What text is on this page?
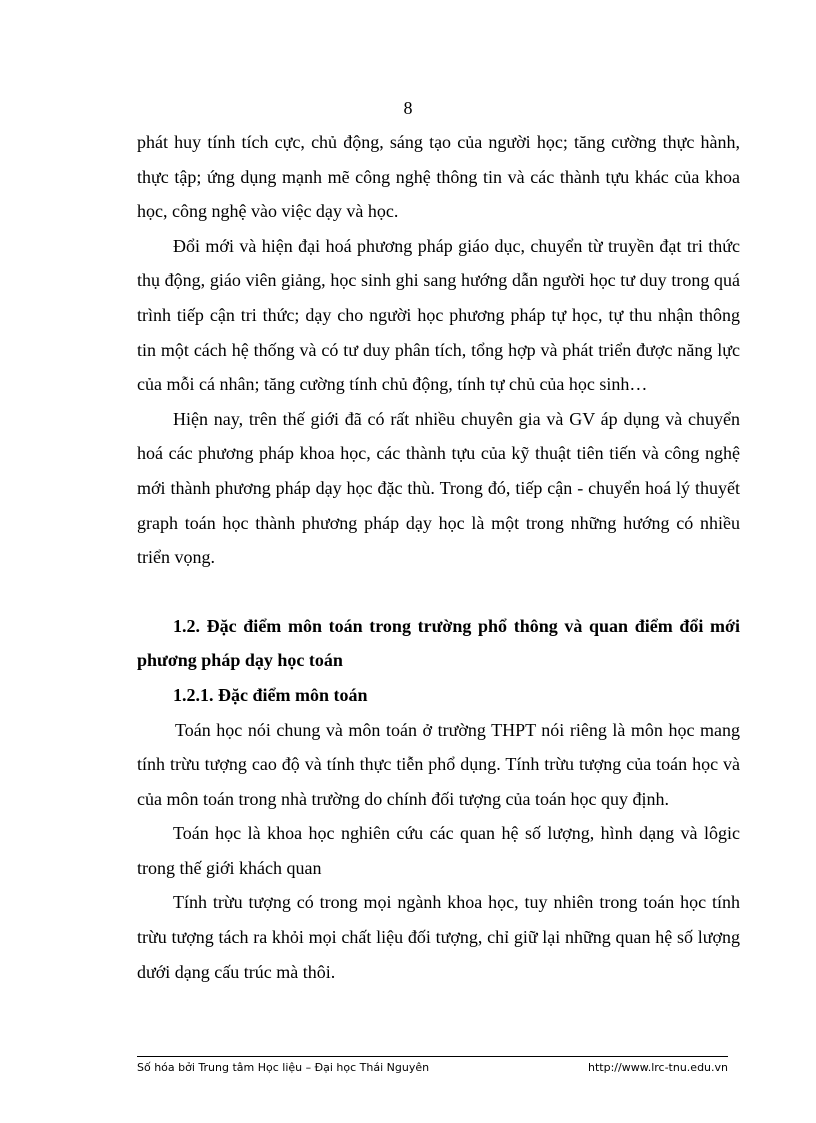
8

phát huy tính tích cực, chủ động, sáng tạo của người học; tăng cường thực hành, thực tập; ứng dụng mạnh mẽ công nghệ thông tin và các thành tựu khác của khoa học, công nghệ vào việc dạy và học.

Đổi mới và hiện đại hoá phương pháp giáo dục, chuyển từ truyền đạt tri thức thụ động, giáo viên giảng, học sinh ghi sang hướng dẫn người học tư duy trong quá trình tiếp cận tri thức; dạy cho người học phương pháp tự học, tự thu nhận thông tin một cách hệ thống và có tư duy phân tích, tổng hợp và phát triển được năng lực của mỗi cá nhân; tăng cường tính chủ động, tính tự chủ của học sinh…

Hiện nay, trên thế giới đã có rất nhiều chuyên gia và GV áp dụng và chuyển hoá các phương pháp khoa học, các thành tựu của kỹ thuật tiên tiến và công nghệ mới thành phương pháp dạy học đặc thù. Trong đó, tiếp cận - chuyển hoá lý thuyết graph toán học thành phương pháp dạy học là một trong những hướng có nhiều triển vọng.

1.2. Đặc điểm môn toán trong trường phổ thông và quan điểm đổi mới phương pháp dạy học toán

1.2.1. Đặc điểm môn toán

Toán học nói chung và môn toán ở trường THPT nói riêng là môn học mang tính trừu tượng cao độ và tính thực tiễn phổ dụng. Tính trừu tượng của toán học và của môn toán trong nhà trường do chính đối tượng của toán học quy định.

Toán học là khoa học nghiên cứu các quan hệ số lượng, hình dạng và lôgic trong thế giới khách quan

Tính trừu tượng có trong mọi ngành khoa học, tuy nhiên trong toán học tính trừu tượng tách ra khỏi mọi chất liệu đối tượng, chỉ giữ lại những quan hệ số lượng dưới dạng cấu trúc mà thôi.

Số hóa bởi Trung tâm Học liệu – Đại học Thái Nguyên	http://www.lrc-tnu.edu.vn
